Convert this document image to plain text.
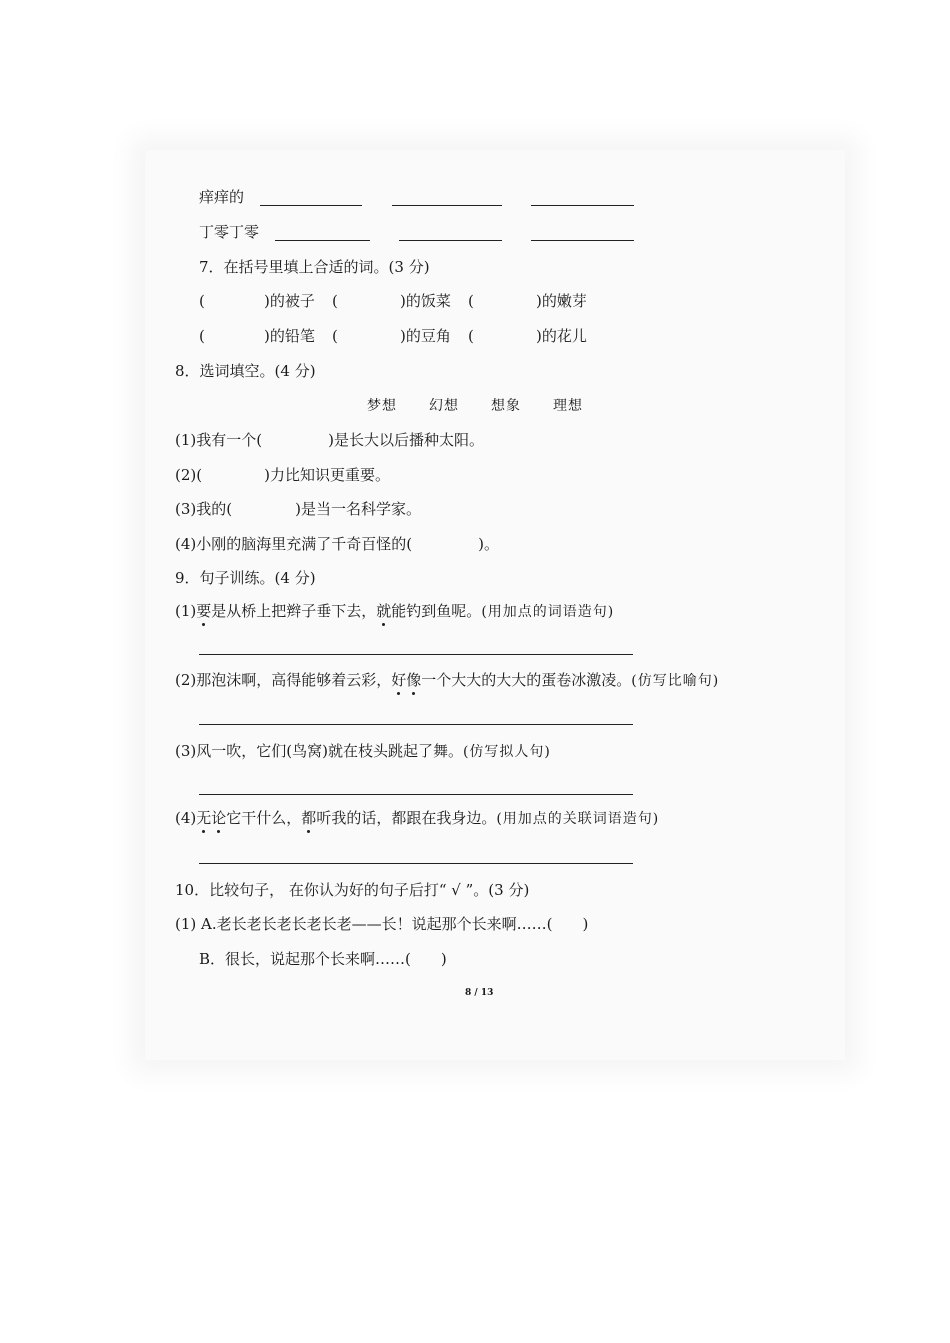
痒痒的
丁零丁零
7．在括号里填上合适的词。(3 分)
(	)的被子 (	)的饭菜 (	)的嫩芽
(	)的铅笔 (	)的豆角 (	)的花儿
8．选词填空。(4 分)
梦想 幻想 想象 理想
(1)我有一个(	)是长大以后播种太阳。
(2)(	)力比知识更重要。
(3)我的(	)是当一名科学家。
(4)小刚的脑海里充满了千奇百怪的(	)。
9．句子训练。(4 分)
(1)要是从桥上把辫子垂下去，就能钓到鱼呢。(用加点的词语造句)
(2)那泡沫啊，高得能够着云彩，好像一个大大的大大的蛋卷冰激凌。(仿写比喻句)
(3)风一吹，它们(鸟窝)就在枝头跳起了舞。(仿写拟人句)
(4)无论它干什么，都听我的话，都跟在我身边。(用加点的关联词语造句)
10．比较句子， 在你认为好的句子后打“ √ ”。(3 分)
(1) A.老长老长老长老长老——长！说起那个长来啊……(　　)
B．很长，说起那个长来啊……(　　)
8 / 13
